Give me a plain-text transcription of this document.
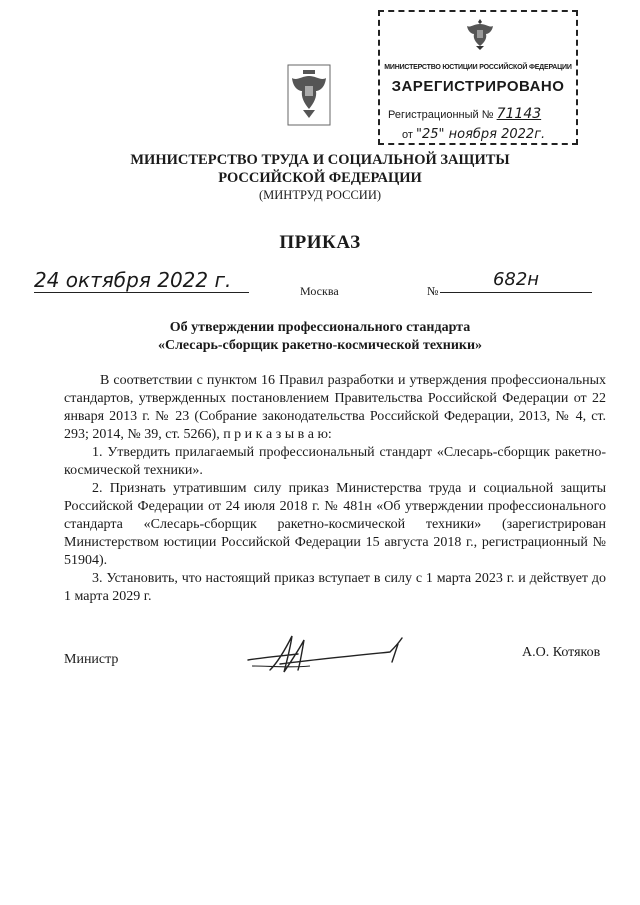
МИНИСТЕРСТВО ЮСТИЦИИ РОССИЙСКОЙ ФЕДЕРАЦИИ
ЗАРЕГИСТРИРОВАНО
Регистрационный № 71143
от "25" ноября 2022г.
МИНИСТЕРСТВО ТРУДА И СОЦИАЛЬНОЙ ЗАЩИТЫ
РОССИЙСКОЙ ФЕДЕРАЦИИ
(МИНТРУД РОССИИ)
ПРИКАЗ
24 октября 2022 г.	Москва	№
682н
Об утверждении профессионального стандарта
«Слесарь-сборщик ракетно-космической техники»

В соответствии с пунктом 16 Правил разработки и утверждения профессиональных стандартов, утвержденных постановлением Правительства Российской Федерации от 22 января 2013 г. № 23 (Собрание законодательства Российской Федерации, 2013, № 4, ст. 293; 2014, № 39, ст. 5266), п р и к а з ы в а ю:

1. Утвердить прилагаемый профессиональный стандарт «Слесарь-сборщик ракетно-космической техники».

2. Признать утратившим силу приказ Министерства труда и социальной защиты Российской Федерации от 24 июля 2018 г. № 481н «Об утверждении профессионального стандарта «Слесарь-сборщик ракетно-космической техники» (зарегистрирован Министерством юстиции Российской Федерации 15 августа 2018 г., регистрационный № 51904).

3. Установить, что настоящий приказ вступает в силу с 1 марта 2023 г. и действует до 1 марта 2029 г.

Министр	А.О. Котяков
